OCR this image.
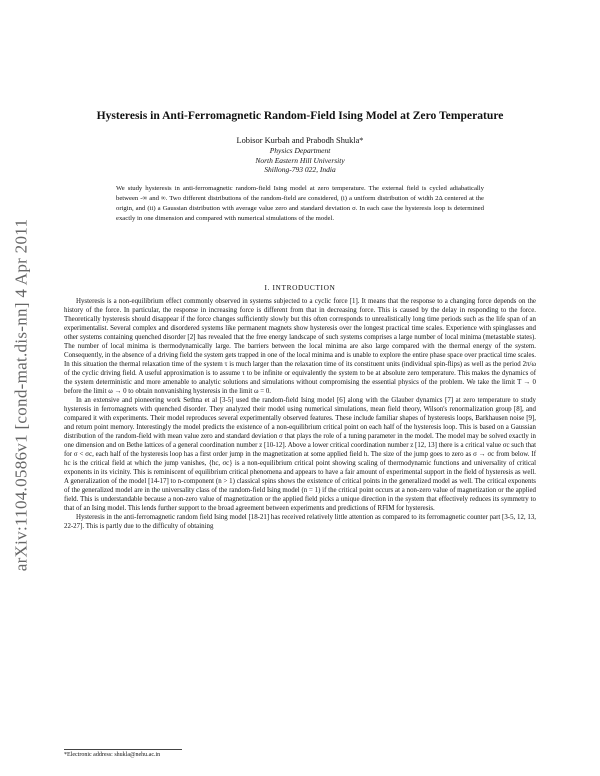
arXiv:1104.0586v1 [cond-mat.dis-nn] 4 Apr 2011
Hysteresis in Anti-Ferromagnetic Random-Field Ising Model at Zero Temperature
Lobisor Kurbah and Prabodh Shukla*
Physics Department
North Eastern Hill University
Shillong-793 022, India
We study hysteresis in anti-ferromagnetic random-field Ising model at zero temperature. The external field is cycled adiabatically between -∞ and ∞. Two different distributions of the random-field are considered, (i) a uniform distribution of width 2Δ centered at the origin, and (ii) a Gaussian distribution with average value zero and standard deviation σ. In each case the hysteresis loop is determined exactly in one dimension and compared with numerical simulations of the model.
I. INTRODUCTION

Hysteresis is a non-equilibrium effect commonly observed in systems subjected to a cyclic force [1]. It means that the response to a changing force depends on the history of the force. In particular, the response in increasing force is different from that in decreasing force. This is caused by the delay in responding to the force. Theoretically hysteresis should disappear if the force changes sufficiently slowly but this often corresponds to unrealistically long time periods such as the life span of an experimentalist. Several complex and disordered systems like permanent magnets show hysteresis over the longest practical time scales. Experience with spinglasses and other systems containing quenched disorder [2] has revealed that the free energy landscape of such systems comprises a large number of local minima (metastable states). The number of local minima is thermodynamically large. The barriers between the local minima are also large compared with the thermal energy of the system. Consequently, in the absence of a driving field the system gets trapped in one of the local minima and is unable to explore the entire phase space over practical time scales. In this situation the thermal relaxation time of the system τ is much larger than the relaxation time of its constituent units (individual spin-flips) as well as the period 2π/ω of the cyclic driving field. A useful approximation is to assume τ to be infinite or equivalently the system to be at absolute zero temperature. This makes the dynamics of the system deterministic and more amenable to analytic solutions and simulations without compromising the essential physics of the problem. We take the limit T → 0 before the limit ω → 0 to obtain nonvanishing hysteresis in the limit ω = 0.

In an extensive and pioneering work Sethna et al [3-5] used the random-field Ising model [6] along with the Glauber dynamics [7] at zero temperature to study hysteresis in ferromagnets with quenched disorder. They analyzed their model using numerical simulations, mean field theory, Wilson's renormalization group [8], and compared it with experiments. Their model reproduces several experimentally observed features. These include familiar shapes of hysteresis loops, Barkhausen noise [9], and return point memory. Interestingly the model predicts the existence of a non-equilibrium critical point on each half of the hysteresis loop. This is based on a Gaussian distribution of the random-field with mean value zero and standard deviation σ that plays the role of a tuning parameter in the model. The model may be solved exactly in one dimension and on Bethe lattices of a general coordination number z [10-12]. Above a lower critical coordination number z [12, 13] there is a critical value σc such that for σ < σc, each half of the hysteresis loop has a first order jump in the magnetization at some applied field h. The size of the jump goes to zero as σ → σc from below. If hc is the critical field at which the jump vanishes, {hc, σc} is a non-equilibrium critical point showing scaling of thermodynamic functions and universality of critical exponents in its vicinity. This is reminiscent of equilibrium critical phenomena and appears to have a fair amount of experimental support in the field of hysteresis as well. A generalization of the model [14-17] to n-component (n > 1) classical spins shows the existence of critical points in the generalized model as well. The critical exponents of the generalized model are in the universality class of the random-field Ising model (n = 1) if the critical point occurs at a non-zero value of magnetization or the applied field. This is understandable because a non-zero value of magnetization or the applied field picks a unique direction in the system that effectively reduces its symmetry to that of an Ising model. This lends further support to the broad agreement between experiments and predictions of RFIM for hysteresis.

Hysteresis in the anti-ferromagnetic random field Ising model [18-21] has received relatively little attention as compared to its ferromagnetic counter part [3-5, 12, 13, 22-27]. This is partly due to the difficulty of obtaining

*Electronic address: shukla@nehu.ac.in
